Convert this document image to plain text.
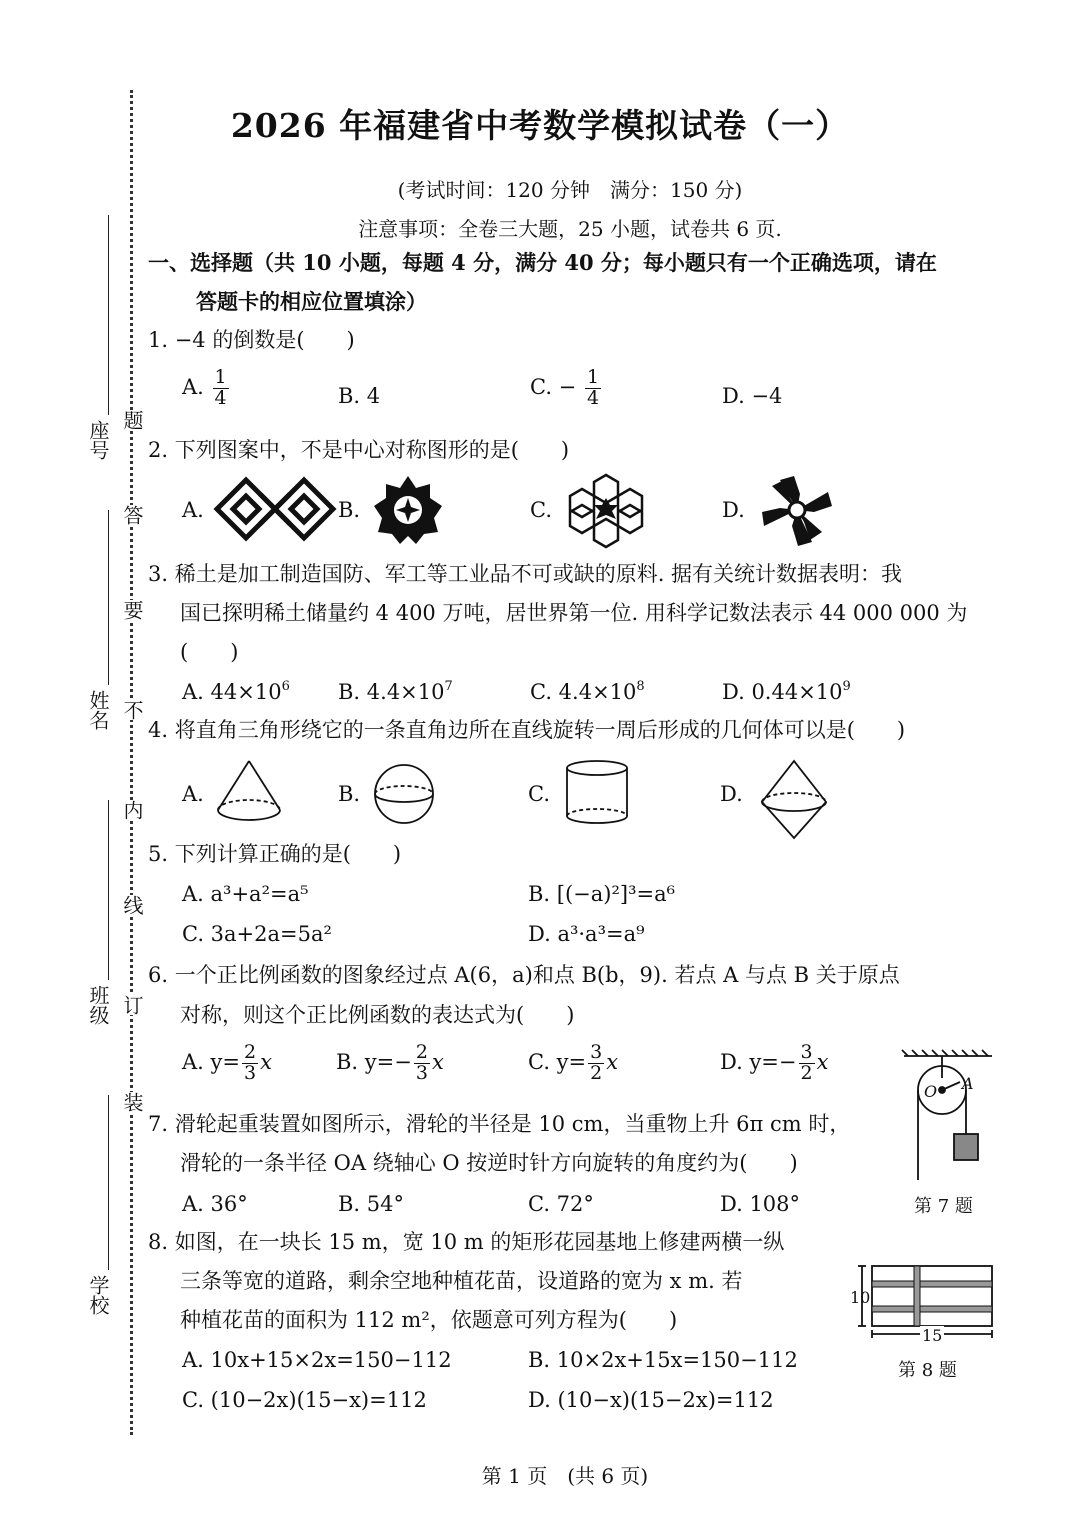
座号
姓名
班级
学校
题
答
要
不
内
线
订
装
2026 年福建省中考数学模拟试卷（一）
(考试时间：120 分钟　满分：150 分)
注意事项：全卷三大题，25 小题，试卷共 6 页.
一、选择题（共 10 小题，每题 4 分，满分 40 分；每小题只有一个正确选项，请在
答题卡的相应位置填涂）
1. −4 的倒数是(　　)
A. $\frac{1}{4}$	B. 4	C. − $\frac{1}{4}$	D. −4
2. 下列图案中，不是中心对称图形的是(　　)
A.	B.	C.	D.
3. 稀土是加工制造国防、军工等工业品不可或缺的原料. 据有关统计数据表明：我
国已探明稀土储量约 4 400 万吨，居世界第一位. 用科学记数法表示 44 000 000 为
(　　)
A. $44\times 10^6$ B. $4.4\times 10^7$	C. $4.4\times 10^8$	D. $0.44\times 10^9$
4. 将直角三角形绕它的一条直角边所在直线旋转一周后形成的几何体可以是(　　)
A.	B.	C.	D.
5. 下列计算正确的是(　　)
A. a³+a²=a⁵	B. [(−a)²]³=a⁶
C. 3a+2a=5a²	D. a³·a³=a⁹
6. 一个正比例函数的图象经过点 A(6，a)和点 B(b，9). 若点 A 与点 B 关于原点
对称，则这个正比例函数的表达式为(　　)
A. $y= \frac{2}{3}$ x	B. $y=- \frac{2}{3}$ x	C. $y= \frac{3}{2}$ x	D. $y=- \frac{3}{2}$ x
O A
第 7 题
7. 滑轮起重装置如图所示，滑轮的半径是 10 cm，当重物上升 6π cm 时，
滑轮的一条半径 OA 绕轴心 O 按逆时针方向旋转的角度约为(　　)
A. 36°	B. 54°	C. 72°	D. 108°
8. 如图，在一块长 15 m，宽 10 m 的矩形花园基地上修建两横一纵
三条等宽的道路，剩余空地种植花苗，设道路的宽为 x m. 若
种植花苗的面积为 112 m²，依题意可列方程为(　　)
A. 10x+15×2x=150−112	B. 10×2x+15x=150−112
C. (10−2x)(15−x)=112	D. (10−x)(15−2x)=112
10
15
第 8 题
第 1 页　(共 6 页)
